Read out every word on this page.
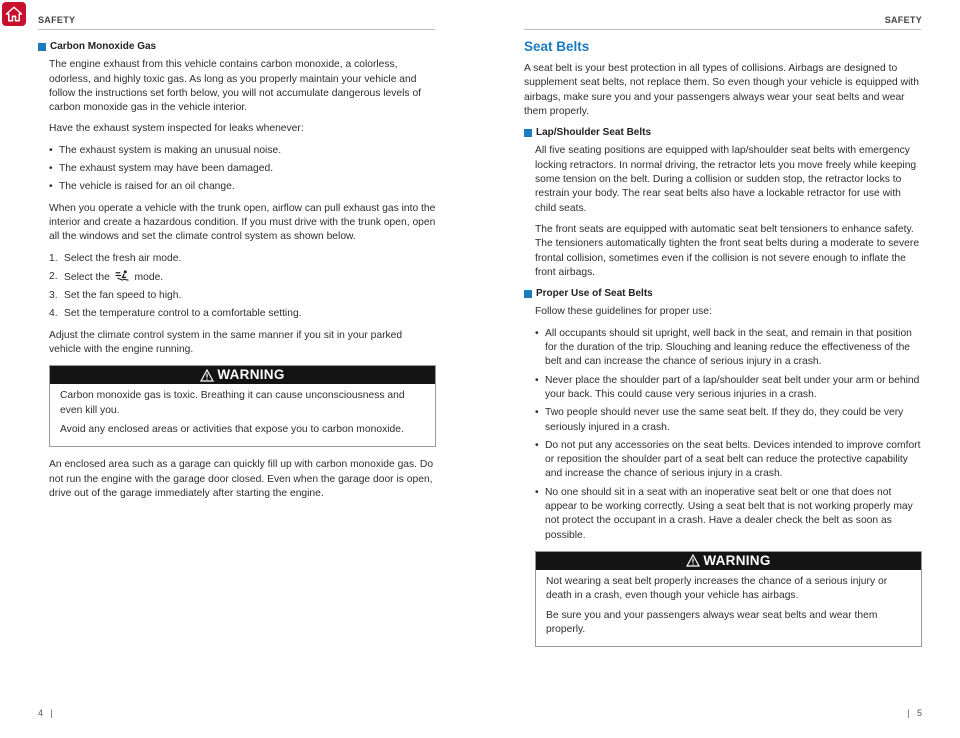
SAFETY	SAFETY
Carbon Monoxide Gas

The engine exhaust from this vehicle contains carbon monoxide, a colorless, odorless, and highly toxic gas. As long as you properly maintain your vehicle and follow the instructions set forth below, you will not accumulate dangerous levels of carbon monoxide gas in the vehicle interior.

Have the exhaust system inspected for leaks whenever:

• The exhaust system is making an unusual noise.
• The exhaust system may have been damaged.
• The vehicle is raised for an oil change.

When you operate a vehicle with the trunk open, airflow can pull exhaust gas into the interior and create a hazardous condition. If you must drive with the trunk open, open all the windows and set the climate control system as shown below.

1. Select the fresh air mode.
2. Select the mode.
3. Set the fan speed to high.
4. Set the temperature control to a comfortable setting.

Adjust the climate control system in the same manner if you sit in your parked vehicle with the engine running.

WARNING

Carbon monoxide gas is toxic. Breathing it can cause unconsciousness and even kill you.

Avoid any enclosed areas or activities that expose you to carbon monoxide.

An enclosed area such as a garage can quickly fill up with carbon monoxide gas. Do not run the engine with the garage door closed. Even when the garage door is open, drive out of the garage immediately after starting the engine.

Seat Belts

A seat belt is your best protection in all types of collisions. Airbags are designed to supplement seat belts, not replace them. So even though your vehicle is equipped with airbags, make sure you and your passengers always wear your seat belts and wear them properly.

Lap/Shoulder Seat Belts

All five seating positions are equipped with lap/shoulder seat belts with emergency locking retractors. In normal driving, the retractor lets you move freely while keeping some tension on the belt. During a collision or sudden stop, the retractor locks to restrain your body. The rear seat belts also have a lockable retractor for use with child seats.

The front seats are equipped with automatic seat belt tensioners to enhance safety. The tensioners automatically tighten the front seat belts during a moderate to severe frontal collision, sometimes even if the collision is not severe enough to inflate the front airbags.

Proper Use of Seat Belts

Follow these guidelines for proper use:

• All occupants should sit upright, well back in the seat, and remain in that position for the duration of the trip. Slouching and leaning reduce the effectiveness of the belt and can increase the chance of serious injury in a crash.
• Never place the shoulder part of a lap/shoulder seat belt under your arm or behind your back. This could cause very serious injuries in a crash.
• Two people should never use the same seat belt. If they do, they could be very seriously injured in a crash.
• Do not put any accessories on the seat belts. Devices intended to improve comfort or reposition the shoulder part of a seat belt can reduce the protective capability and increase the chance of serious injury in a crash.
• No one should sit in a seat with an inoperative seat belt or one that does not appear to be working correctly. Using a seat belt that is not working properly may not protect the occupant in a crash. Have a dealer check the belt as soon as possible.
WARNING

Not wearing a seat belt properly increases the chance of a serious injury or death in a crash, even though your vehicle has airbags.

Be sure you and your passengers always wear seat belts and wear them properly.

4   |	|   5
